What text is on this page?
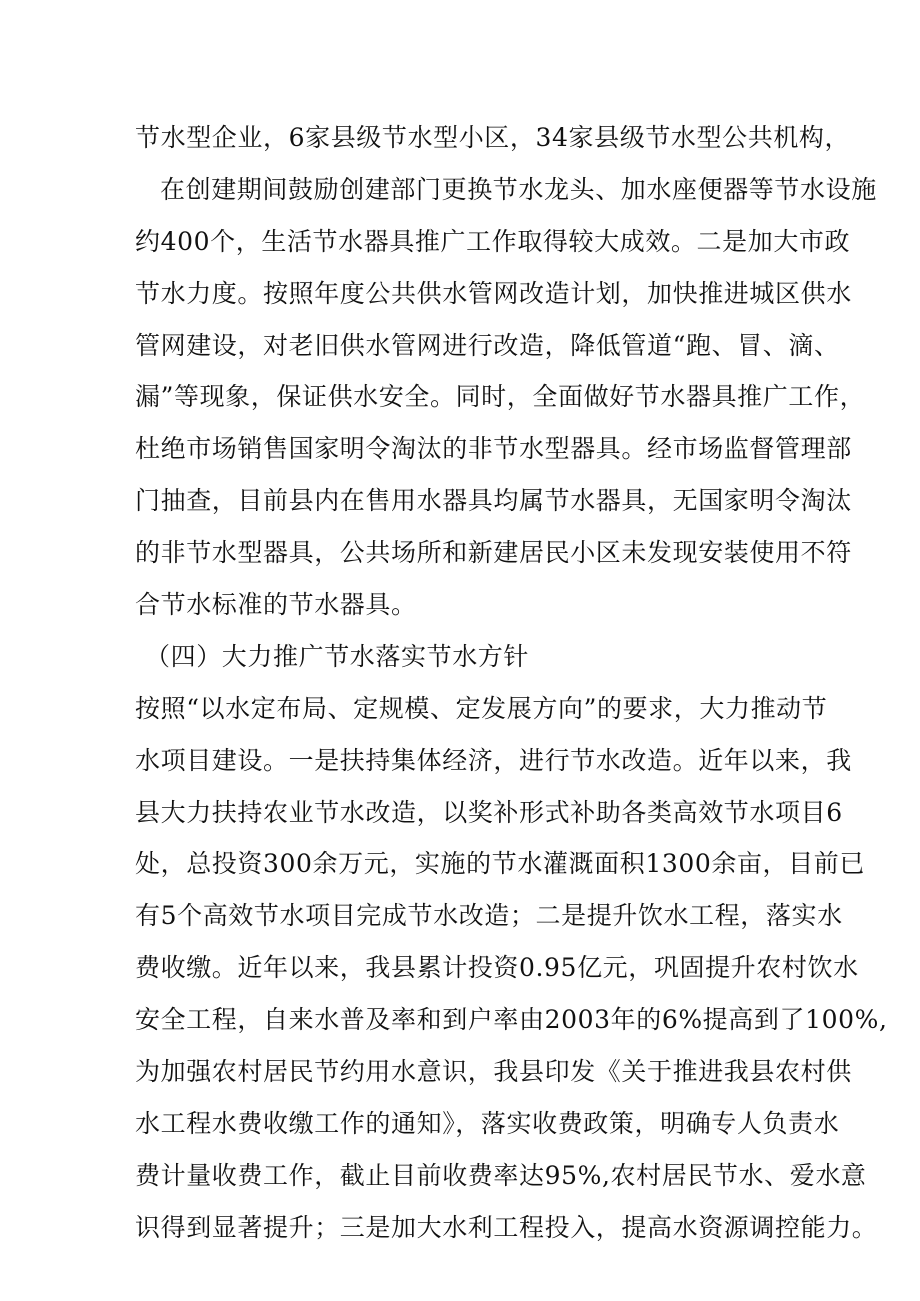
节水型企业，6家县级节水型小区，34家县级节水型公共机构，
在创建期间鼓励创建部门更换节水龙头、加水座便器等节水设施
约400个，生活节水器具推广工作取得较大成效。二是加大市政
节水力度。按照年度公共供水管网改造计划，加快推进城区供水
管网建设，对老旧供水管网进行改造，降低管道“跑、冒、滴、
漏”等现象，保证供水安全。同时，全面做好节水器具推广工作，
杜绝市场销售国家明令淘汰的非节水型器具。经市场监督管理部
门抽查，目前县内在售用水器具均属节水器具，无国家明令淘汰
的非节水型器具，公共场所和新建居民小区未发现安装使用不符
合节水标准的节水器具。
（四）大力推广节水落实节水方针
按照“以水定布局、定规模、定发展方向”的要求，大力推动节
水项目建设。一是扶持集体经济，进行节水改造。近年以来，我
县大力扶持农业节水改造，以奖补形式补助各类高效节水项目6
处，总投资300余万元，实施的节水灌溉面积1300余亩，目前已
有5个高效节水项目完成节水改造；二是提升饮水工程，落实水
费收缴。近年以来，我县累计投资0.95亿元，巩固提升农村饮水
安全工程，自来水普及率和到户率由2003年的6%提高到了100%,
为加强农村居民节约用水意识，我县印发《关于推进我县农村供
水工程水费收缴工作的通知》，落实收费政策，明确专人负责水
费计量收费工作，截止目前收费率达95%,农村居民节水、爱水意
识得到显著提升；三是加大水利工程投入，提高水资源调控能力。
